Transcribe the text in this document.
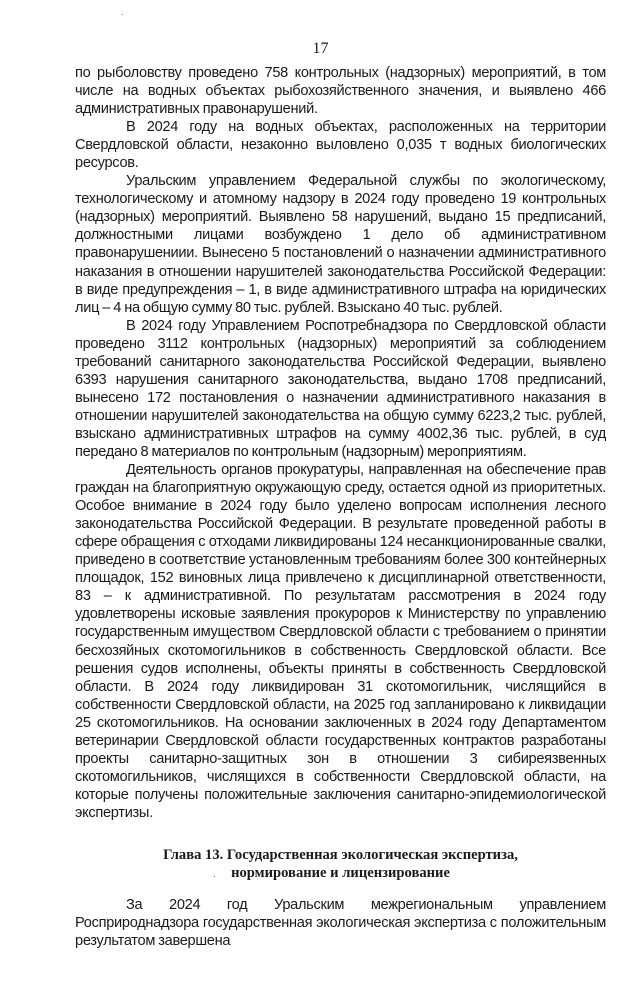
17

по рыболовству проведено 758 контрольных (надзорных) мероприятий, в том числе на водных объектах рыбохозяйственного значения, и выявлено 466 административных правонарушений.

В 2024 году на водных объектах, расположенных на территории Свердловской области, незаконно выловлено 0,035 т водных биологических ресурсов.

Уральским управлением Федеральной службы по экологическому, технологическому и атомному надзору в 2024 году проведено 19 контрольных (надзорных) мероприятий. Выявлено 58 нарушений, выдано 15 предписаний, должностными лицами возбуждено 1 дело об административном правонарушениии. Вынесено 5 постановлений о назначении административного наказания в отношении нарушителей законодательства Российской Федерации: в виде предупреждения – 1, в виде административного штрафа на юридических лиц – 4 на общую сумму 80 тыс. рублей. Взыскано 40 тыс. рублей.

В 2024 году Управлением Роспотребнадзора по Свердловской области проведено 3112 контрольных (надзорных) мероприятий за соблюдением требований санитарного законодательства Российской Федерации, выявлено 6393 нарушения санитарного законодательства, выдано 1708 предписаний, вынесено 172 постановления о назначении административного наказания в отношении нарушителей законодательства на общую сумму 6223,2 тыс. рублей, взыскано административных штрафов на сумму 4002,36 тыс. рублей, в суд передано 8 материалов по контрольным (надзорным) мероприятиям.

Деятельность органов прокуратуры, направленная на обеспечение прав граждан на благоприятную окружающую среду, остается одной из приоритетных. Особое внимание в 2024 году было уделено вопросам исполнения лесного законодательства Российской Федерации. В результате проведенной работы в сфере обращения с отходами ликвидированы 124 несанкционированные свалки, приведено в соответствие установленным требованиям более 300 контейнерных площадок, 152 виновных лица привлечено к дисциплинарной ответственности, 83 – к административной. По результатам рассмотрения в 2024 году удовлетворены исковые заявления прокуроров к Министерству по управлению государственным имуществом Свердловской области с требованием о принятии бесхозяйных скотомогильников в собственность Свердловской области. Все решения судов исполнены, объекты приняты в собственность Свердловской области. В 2024 году ликвидирован 31 скотомогильник, числящийся в собственности Свердловской области, на 2025 год запланировано к ликвидации 25 скотомогильников. На основании заключенных в 2024 году Департаментом ветеринарии Свердловской области государственных контрактов разработаны проекты санитарно-защитных зон в отношении 3 сибиреязвенных скотомогильников, числящихся в собственности Свердловской области, на которые получены положительные заключения санитарно-эпидемиологической экспертизы.

Глава 13. Государственная экологическая экспертиза,
нормирование и лицензирование

За 2024 год Уральским межрегиональным управлением Росприроднадзора государственная экологическая экспертиза с положительным результатом завершена
